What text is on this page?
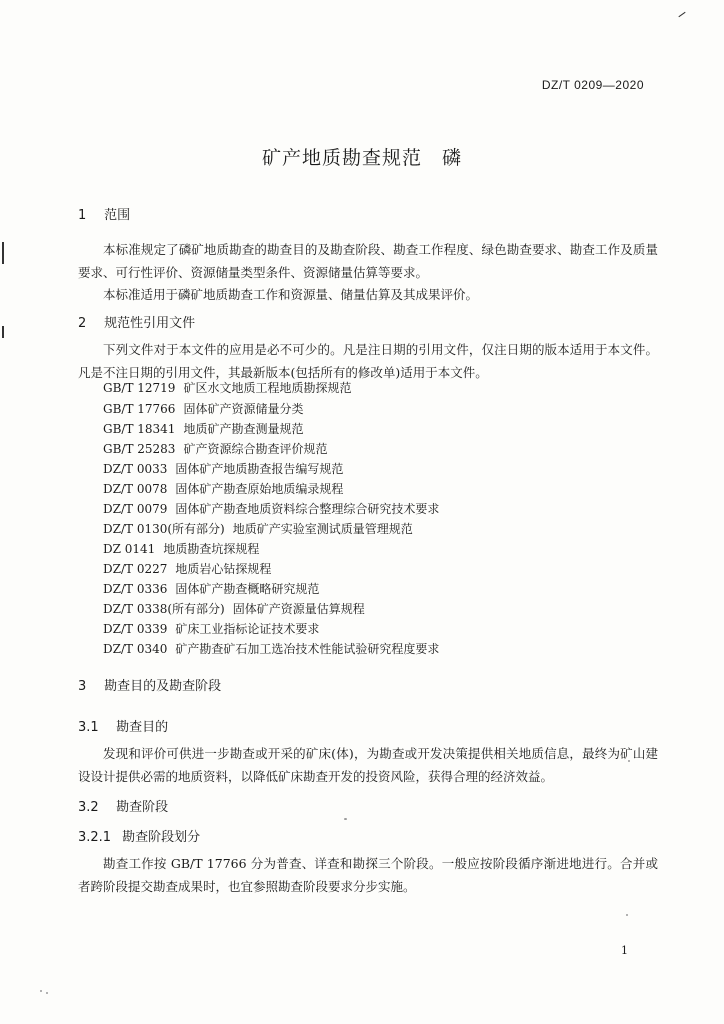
DZ/T 0209—2020
矿产地质勘查规范　磷
1 范围
本标准规定了磷矿地质勘查的勘查目的及勘查阶段、勘查工作程度、绿色勘查要求、勘查工作及质量要求、可行性评价、资源储量类型条件、资源储量估算等要求。
本标准适用于磷矿地质勘查工作和资源量、储量估算及其成果评价。
2 规范性引用文件
下列文件对于本文件的应用是必不可少的。凡是注日期的引用文件，仅注日期的版本适用于本文件。凡是不注日期的引用文件，其最新版本(包括所有的修改单)适用于本文件。
GB/T 12719 矿区水文地质工程地质勘探规范
GB/T 17766 固体矿产资源储量分类
GB/T 18341 地质矿产勘查测量规范
GB/T 25283 矿产资源综合勘查评价规范
DZ/T 0033 固体矿产地质勘查报告编写规范
DZ/T 0078 固体矿产勘查原始地质编录规程
DZ/T 0079 固体矿产勘查地质资料综合整理综合研究技术要求
DZ/T 0130(所有部分) 地质矿产实验室测试质量管理规范
DZ 0141 地质勘查坑探规程
DZ/T 0227 地质岩心钻探规程
DZ/T 0336 固体矿产勘查概略研究规范
DZ/T 0338(所有部分) 固体矿产资源量估算规程
DZ/T 0339 矿床工业指标论证技术要求
DZ/T 0340 矿产勘查矿石加工选冶技术性能试验研究程度要求
3 勘查目的及勘查阶段
3.1 勘查目的
发现和评价可供进一步勘查或开采的矿床(体)，为勘查或开发决策提供相关地质信息，最终为矿山建设设计提供必需的地质资料，以降低矿床勘查开发的投资风险，获得合理的经济效益。
3.2 勘查阶段
3.2.1 勘查阶段划分
勘查工作按 GB/T 17766 分为普查、详查和勘探三个阶段。一般应按阶段循序渐进地进行。合并或者跨阶段提交勘查成果时，也宜参照勘查阶段要求分步实施。
1
